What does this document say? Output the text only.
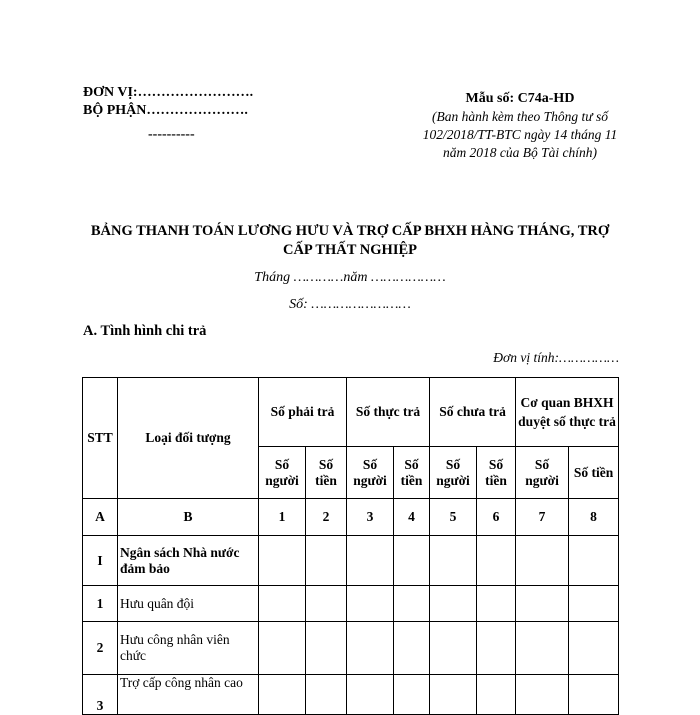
ĐƠN VỊ:…………………….
BỘ PHẬN………………….
----------
Mẫu số: C74a-HD
(Ban hành kèm theo Thông tư số 102/2018/TT-BTC ngày 14 tháng 11 năm 2018 của Bộ Tài chính)
BẢNG THANH TOÁN LƯƠNG HƯU VÀ TRỢ CẤP BHXH HÀNG THÁNG, TRỢ CẤP THẤT NGHIỆP
Tháng …………năm ………………
Số: ……………………
A. Tình hình chi trả
Đơn vị tính:……………
STT	Loại đối tượng	Số phải trả		Số thực trả		Số chưa trả		Cơ quan BHXH duyệt số thực trả	
		Số người	Số tiền	Số người	Số tiền	Số người	Số tiền	Số người	Số tiền
A	B	1	2	3	4	5	6	7	8
I	Ngân sách Nhà nước đảm bảo								
1	Hưu quân đội								
2	Hưu công nhân viên chức								
3	Trợ cấp công nhân cao								
